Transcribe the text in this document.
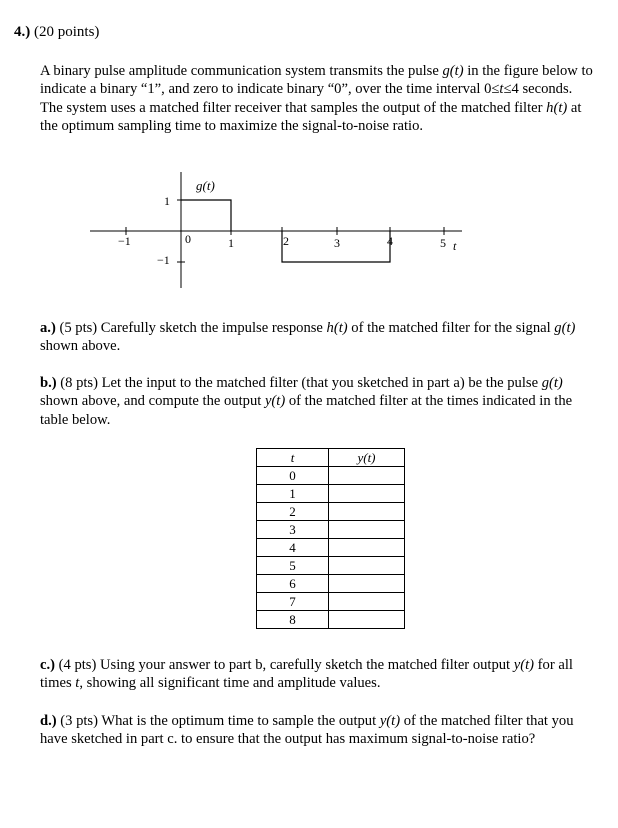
4.) (20 points)
A binary pulse amplitude communication system transmits the pulse g(t) in the figure below to indicate a binary “1”, and zero to indicate binary “0”, over the time interval 0≤t≤4 seconds. The system uses a matched filter receiver that samples the output of the matched filter h(t) at the optimum sampling time to maximize the signal-to-noise ratio.
g(t)
1
−1
−1	0	1	2	3	4	5 t
a.) (5 pts) Carefully sketch the impulse response h(t) of the matched filter for the signal g(t) shown above.
b.) (8 pts) Let the input to the matched filter (that you sketched in part a) be the pulse g(t) shown above, and compute the output y(t) of the matched filter at the times indicated in the table below.
t	y(t)
0	
1	
2	
3	
4	
5	
6	
7	
8	
c.) (4 pts) Using your answer to part b, carefully sketch the matched filter output y(t) for all times t, showing all significant time and amplitude values.
d.) (3 pts) What is the optimum time to sample the output y(t) of the matched filter that you have sketched in part c. to ensure that the output has maximum signal-to-noise ratio?
